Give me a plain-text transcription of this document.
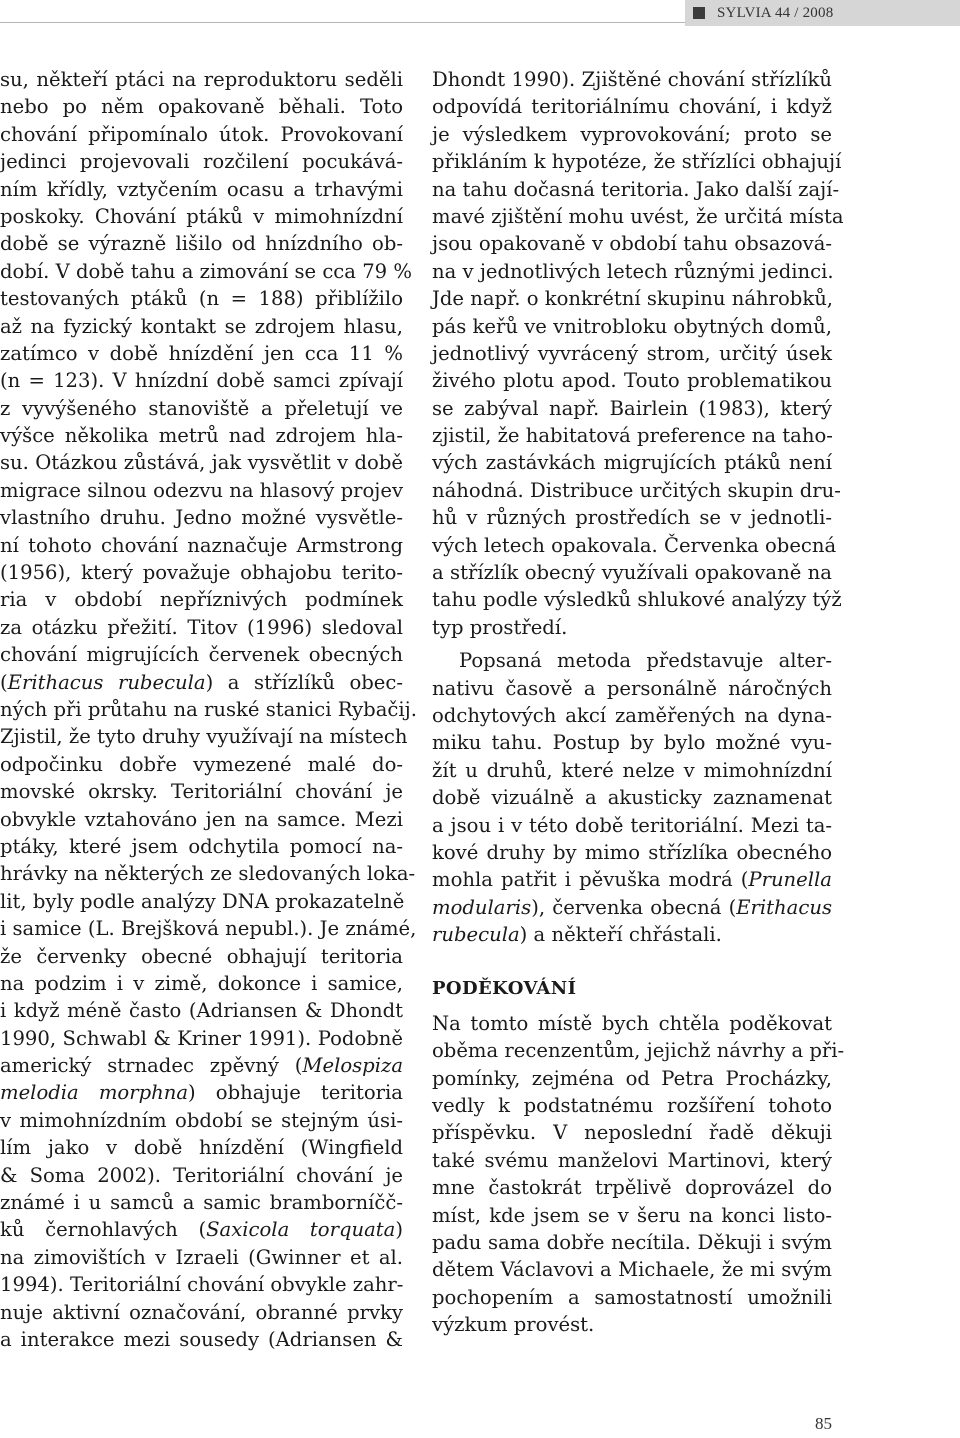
SYLVIA 44 / 2008
su, někteří ptáci na reproduktoru seděli
nebo po něm opakovaně běhali. Toto
chování připomínalo útok. Provokovaní
jedinci projevovali rozčilení pocukává-
ním křídly, vztyčením ocasu a trhavými
poskoky. Chování ptáků v mimohnízdní
době se výrazně lišilo od hnízdního ob-
dobí. V době tahu a zimování se cca 79 %
testovaných ptáků (n = 188) přiblížilo
až na fyzický kontakt se zdrojem hlasu,
zatímco v době hnízdění jen cca 11 %
(n = 123). V hnízdní době samci zpívají
z vyvýšeného stanoviště a přeletují ve
výšce několika metrů nad zdrojem hla-
su. Otázkou zůstává, jak vysvětlit v době
migrace silnou odezvu na hlasový projev
vlastního druhu. Jedno možné vysvětle-
ní tohoto chování naznačuje Armstrong
(1956), který považuje obhajobu terito-
ria v období nepříznivých podmínek
za otázku přežití. Titov (1996) sledoval
chování migrujících červenek obecných
(Erithacus rubecula) a střízlíků obec-
ných při průtahu na ruské stanici Rybačij.
Zjistil, že tyto druhy využívají na místech
odpočinku dobře vymezené malé do-
movské okrsky. Teritoriální chování je
obvykle vztahováno jen na samce. Mezi
ptáky, které jsem odchytila pomocí na-
hrávky na některých ze sledovaných loka-
lit, byly podle analýzy DNA prokazatelně
i samice (L. Brejšková nepubl.). Je známé,
že červenky obecné obhajují teritoria
na podzim i v zimě, dokonce i samice,
i když méně často (Adriansen & Dhondt
1990, Schwabl & Kriner 1991). Podobně
americký strnadec zpěvný (Melospiza
melodia morphna) obhajuje teritoria
v mimohnízdním období se stejným úsi-
lím jako v době hnízdění (Wingfield
& Soma 2002). Teritoriální chování je
známé i u samců a samic bramborníčč-
ků černohlavých (Saxicola torquata)
na zimovištích v Izraeli (Gwinner et al.
1994). Teritoriální chování obvykle zahr-
nuje aktivní označování, obranné prvky
a interakce mezi sousedy (Adriansen &
Dhondt 1990). Zjištěné chování střízlíků
odpovídá teritoriálnímu chování, i když
je výsledkem vyprovokování; proto se
přikláním k hypotéze, že střízlíci obhajují
na tahu dočasná teritoria. Jako další zají-
mavé zjištění mohu uvést, že určitá místa
jsou opakovaně v období tahu obsazová-
na v jednotlivých letech různými jedinci.
Jde např. o konkrétní skupinu náhrobků,
pás keřů ve vnitrobloku obytných domů,
jednotlivý vyvrácený strom, určitý úsek
živého plotu apod. Touto problematikou
se zabýval např. Bairlein (1983), který
zjistil, že habitatová preference na taho-
vých zastávkách migrujících ptáků není
náhodná. Distribuce určitých skupin dru-
hů v různých prostředích se v jednotli-
vých letech opakovala. Červenka obecná
a střízlík obecný využívali opakovaně na
tahu podle výsledků shlukové analýzy týž
typ prostředí.
Popsaná metoda představuje alter-
nativu časově a personálně náročných
odchytových akcí zaměřených na dyna-
miku tahu. Postup by bylo možné vyu-
žít u druhů, které nelze v mimohnízdní
době vizuálně a akusticky zaznamenat
a jsou i v této době teritoriální. Mezi ta-
kové druhy by mimo střízlíka obecného
mohla patřit i pěvuška modrá (Prunella
modularis), červenka obecná (Erithacus
rubecula) a někteří chřástali.
PODĚKOVÁNÍ
Na tomto místě bych chtěla poděkovat
oběma recenzentům, jejichž návrhy a při-
pomínky, zejména od Petra Procházky,
vedly k podstatnému rozšíření tohoto
příspěvku. V neposlední řadě děkuji
také svému manželovi Martinovi, který
mne častokrát trpělivě doprovázel do
míst, kde jsem se v šeru na konci listo-
padu sama dobře necítila. Děkuji i svým
dětem Václavovi a Michaele, že mi svým
pochopením a samostatností umožnili
výzkum provést.
85
